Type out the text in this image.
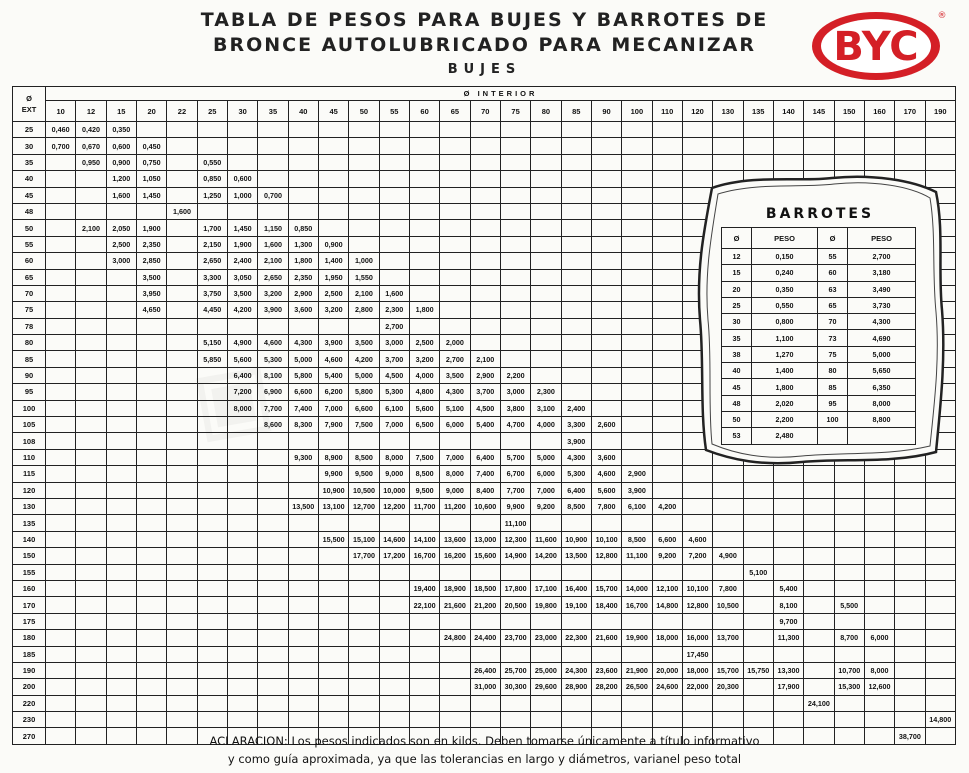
TABLA DE PESOS PARA BUJES Y BARROTES DE
BRONCE AUTOLUBRICADO PARA MECANIZAR
BUJES	BYC
®
Ø
EXT	Ø INTERIOR																														
	10	12	15	20	22	25	30	35	40	45	50	55	60	65	70	75	80	85	90	100	110	120	130	135	140	145	150	160	170	190	
25	0,460	0,420	0,350																												
30	0,700	0,670	0,600	0,450																											
35		0,950	0,900	0,750		0,550																									
40			1,200	1,050		0,850	0,600																								
45			1,600	1,450		1,250	1,000	0,700																							
48					1,600																										
50		2,100	2,050	1,900		1,700	1,450	1,150	0,850																						
55			2,500	2,350		2,150	1,900	1,600	1,300	0,900																					
60			3,000	2,850		2,650	2,400	2,100	1,800	1,400	1,000																				
65				3,500		3,300	3,050	2,650	2,350	1,950	1,550																				
70				3,950		3,750	3,500	3,200	2,900	2,500	2,100	1,600																			
75				4,650		4,450	4,200	3,900	3,600	3,200	2,800	2,300	1,800																		
78												2,700																			
80						5,150	4,900	4,600	4,300	3,900	3,500	3,000	2,500	2,000																	
85						5,850	5,600	5,300	5,000	4,600	4,200	3,700	3,200	2,700	2,100																
90							6,400	8,100	5,800	5,400	5,000	4,500	4,000	3,500	2,900	2,200															
95							7,200	6,900	6,600	6,200	5,800	5,300	4,800	4,300	3,700	3,000	2,300														
100							8,000	7,700	7,400	7,000	6,600	6,100	5,600	5,100	4,500	3,800	3,100	2,400													
105								8,600	8,300	7,900	7,500	7,000	6,500	6,000	5,400	4,700	4,000	3,300	2,600												
108																		3,900													
110									9,300	8,900	8,500	8,000	7,500	7,000	6,400	5,700	5,000	4,300	3,600												
115										9,900	9,500	9,000	8,500	8,000	7,400	6,700	6,000	5,300	4,600	2,900											
120										10,900	10,500	10,000	9,500	9,000	8,400	7,700	7,000	6,400	5,600	3,900											
130									13,500	13,100	12,700	12,200	11,700	11,200	10,600	9,900	9,200	8,500	7,800	6,100	4,200										
135																11,100															
140										15,500	15,100	14,600	14,100	13,600	13,000	12,300	11,600	10,900	10,100	8,500	6,600	4,600									
150											17,700	17,200	16,700	16,200	15,600	14,900	14,200	13,500	12,800	11,100	9,200	7,200	4,900								
155																								5,100							
160													19,400	18,900	18,500	17,800	17,100	16,400	15,700	14,000	12,100	10,100	7,800		5,400						
170													22,100	21,600	21,200	20,500	19,800	19,100	18,400	16,700	14,800	12,800	10,500		8,100		5,500				
175																									9,700						
180														24,800	24,400	23,700	23,000	22,300	21,600	19,900	18,000	16,000	13,700		11,300		8,700	6,000			
185																						17,450									
190															26,400	25,700	25,000	24,300	23,600	21,900	20,000	18,000	15,700	15,750	13,300		10,700	8,000			
200															31,000	30,300	29,600	28,900	28,200	26,500	24,600	22,000	20,300		17,900		15,300	12,600			
220																										24,100					
230																														14,800	
270																													38,700		
BARROTES
Ø	PESO	Ø	PESO
12	0,150	55	2,700
15	0,240	60	3,180
20	0,350	63	3,490
25	0,550	65	3,730
30	0,800	70	4,300
35	1,100	73	4,690
38	1,270	75	5,000
40	1,400	80	5,650
45	1,800	85	6,350
48	2,020	95	8,000
50	2,200	100	8,800
53	2,480		
ACLARACION: Los pesos indicados son en kilos. Deben tomarse únicamente a título informativo
y como guía aproximada, ya que las tolerancias en largo y diámetros, varianel peso total
